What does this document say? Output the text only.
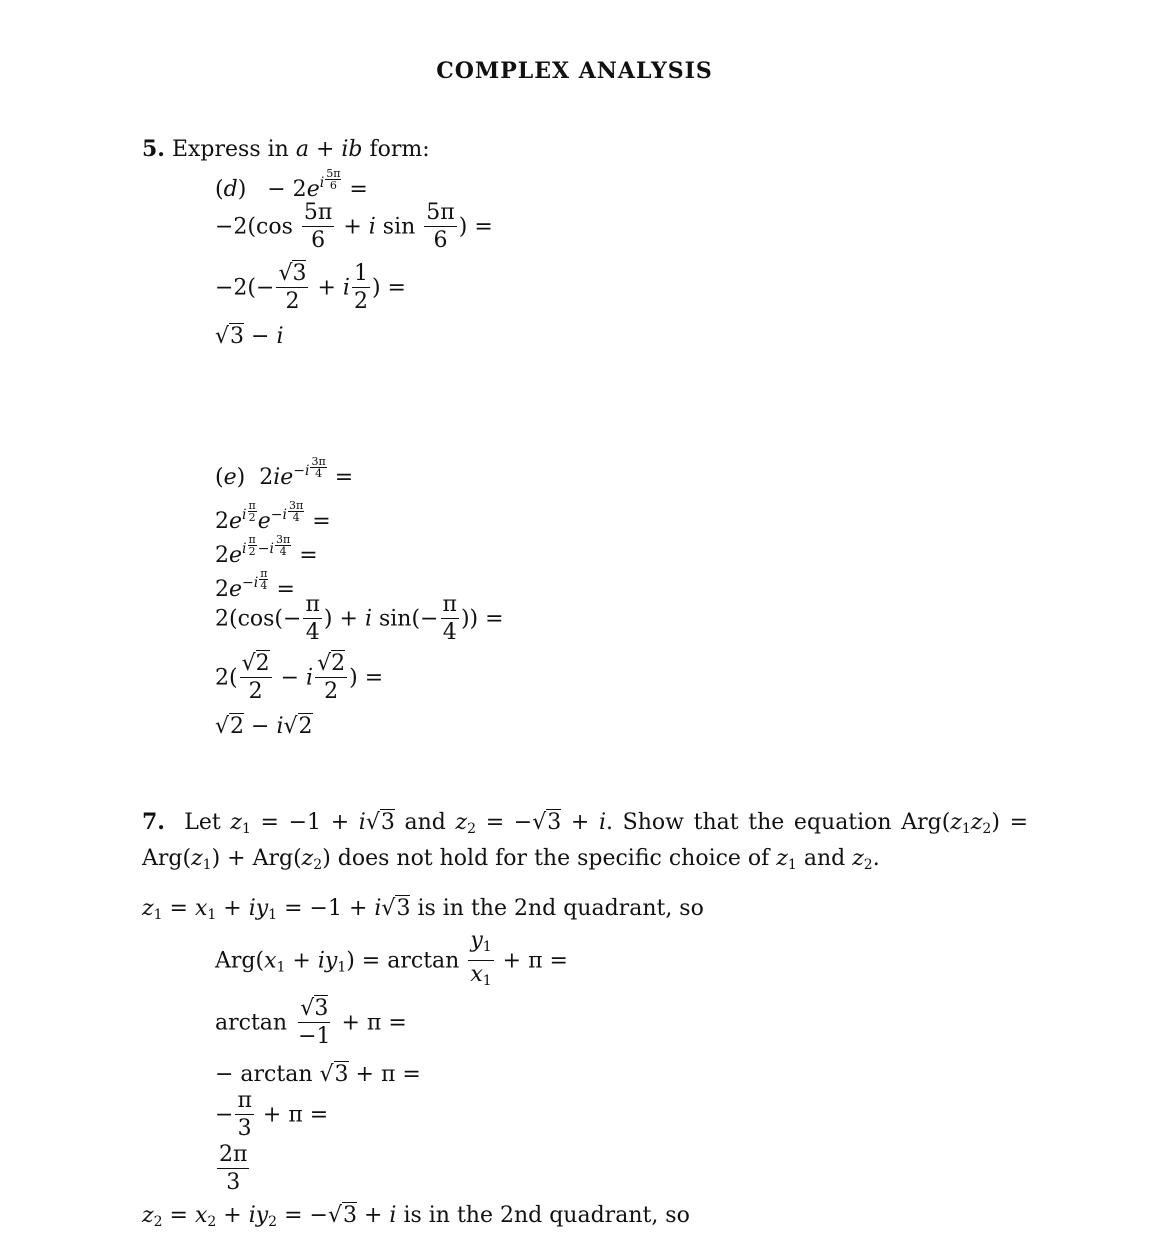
COMPLEX ANALYSIS
5. Express in a + ib form:
$(d) - 2e^{i \frac{5\pi}{6}}$ =
$-2(\cos \frac{5\pi}{6} + i$ $\sin \frac{5\pi}{6}$ ) =
$-2(- \frac{√3}{2} + i \frac{1}{2}$ ) =
√3 − i
(e)  $2ie^{-i \frac{3\pi}{4}}$ =
$2e^{i \frac{\pi}{2}}$ $e^{-i \frac{3\pi}{4}}$ =
$2e^{i \frac{\pi}{2} -i \frac{3\pi}{4}}$ =
$2e^{-i \frac{\pi}{4}}$ =
$2(\cos(- \frac{\pi}{4}$ ) + i $\sin(- \frac{\pi}{4}$ )) =
$2( \frac{√2}{2} - i \frac{√2}{2}$ ) =
√2 − i√2
7.  Let $z_1 = -1 + i√3$ and $z_2 = -√3 + i$. Show that the equation $Arg(z_1z_2) = Arg(z_1) + Arg(z_2)$ does not hold for the specific choice of $z_1$ and $z_2$.
$z_1 = x_1 + iy_1 = -1 + i√3$ is in the 2nd quadrant, so
$Arg(x_1 + iy_1) = \arctan \frac{y_1}{x_1} + \pi$ =
$\arctan \frac{√3}{-1} + \pi$ =
− arctan √3 + π =
− $\frac{\pi}{3} + \pi$ =
$\frac{2\pi}{3}$
$z_2 = x_2 + iy_2 = -√3 + i$ is in the 2nd quadrant, so
